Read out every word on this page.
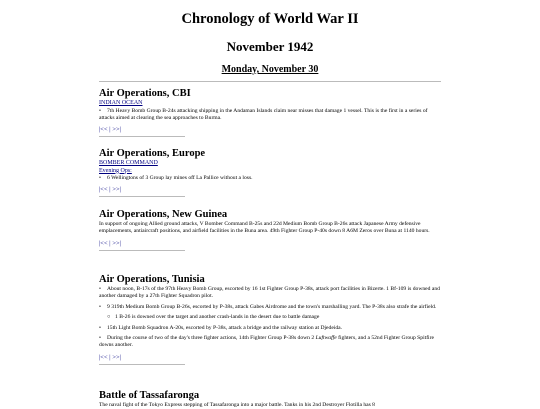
Chronology of World War II
November 1942
Monday, November 30
Air Operations, CBI
INDIAN OCEAN

• 7th Heavy Bomb Group B-24s attacking shipping in the Andaman Islands claim near misses that damage 1 vessel. This is the first in a series of attacks aimed at clearing the sea approaches to Burma.

|<< | >>|
Air Operations, Europe
BOMBER COMMAND
Evening Ops:

• 6 Wellingtons of 3 Group lay mines off La Pallice without a loss.

|<< | >>|
Air Operations, New Guinea

In support of ongoing Allied ground attacks, V Bomber Command B-25s and 22d Medium Bomb Group B-26s attack Japanese Army defensive emplacements, antiaircraft positions, and airfield facilities in the Buna area. 49th Fighter Group P-40s down 8 A6M Zeros over Buna at 1140 hours.

|<< | >>|
Air Operations, Tunisia

• About noon, B-17s of the 97th Heavy Bomb Group, escorted by 16 1st Fighter Group P-38s, attack port facilities in Bizerte. 1 Bf-109 is downed and another damaged by a 27th Fighter Squadron pilot.

• 9 319th Medium Bomb Group B-26s, escorted by P-38s, attack Gabes Airdrome and the town's marshalling yard. The P-38s also strafe the airfield.

○ 1 B-26 is downed over the target and another crash-lands in the desert due to battle damage

• 15th Light Bomb Squadron A-20s, escorted by P-38s, attack a bridge and the railway station at Djedeida.

• During the course of two of the day's three fighter actions, 14th Fighter Group P-38s down 2 Luftwaffe fighters, and a 52nd Fighter Group Spitfire downs another.

|<< | >>|
Battle of Tassafaronga

The naval fight of the Tokyo Express stepping of Tassafaronga into a major battle. Tanks in his 2nd Destroyer Flotilla has 8
